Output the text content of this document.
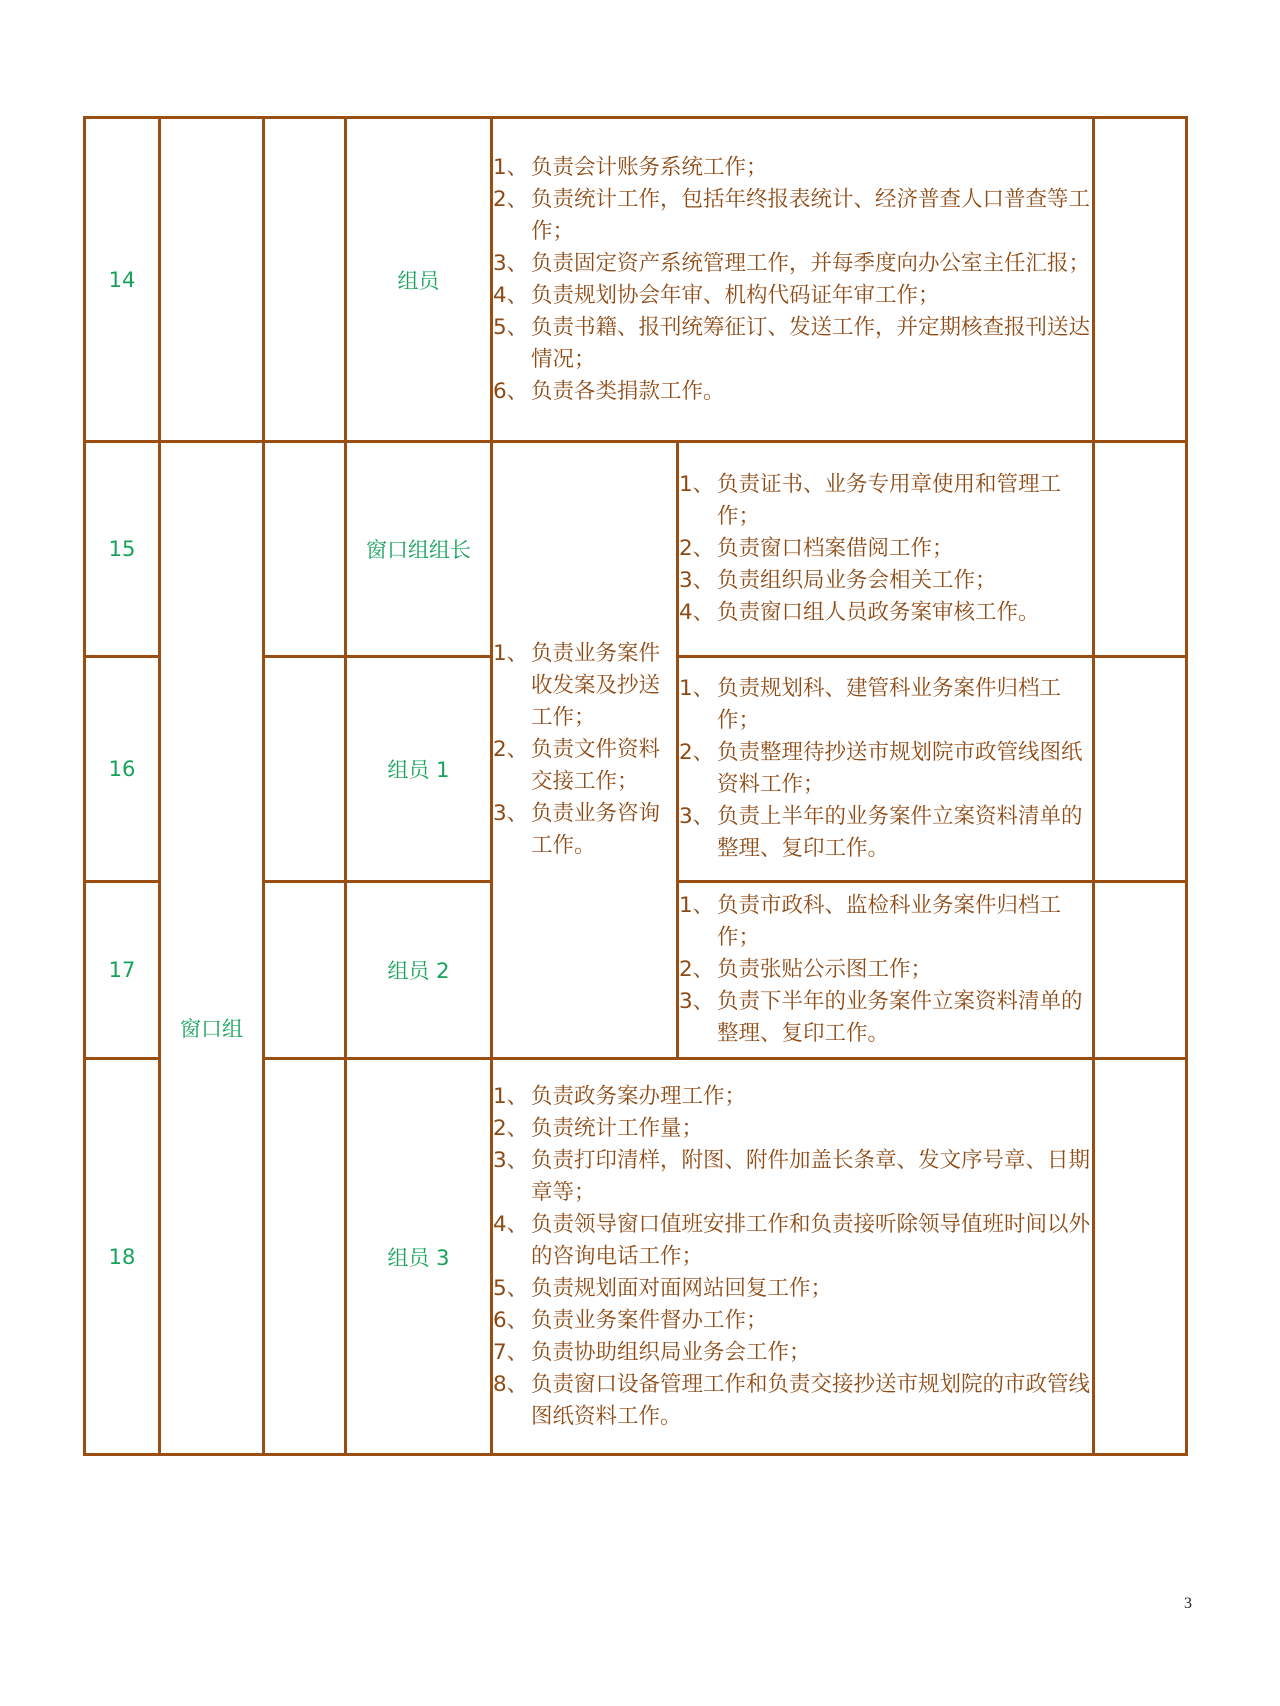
14			组员	
1、 负责会计账务系统工作；
2、 负责统计工作，包括年终报表统计、经济普查人口普查等工作；
3、 负责固定资产系统管理工作，并每季度向办公室主任汇报；
4、 负责规划协会年审、机构代码证年审工作；
5、 负责书籍、报刊统筹征订、发送工作，并定期核查报刊送达情况；
6、 负责各类捐款工作。

15	窗口组		窗口组组长	
1、 负责业务案件收发案及抄送工作；
2、 负责文件资料交接工作；
3、 负责业务咨询工作。

1、 负责证书、业务专用章使用和管理工作；
2、 负责窗口档案借阅工作；
3、 负责组织局业务会相关工作；
4、 负责窗口组人员政务案审核工作。

16		组员 1	
1、 负责规划科、建管科业务案件归档工作；
2、 负责整理待抄送市规划院市政管线图纸资料工作；
3、 负责上半年的业务案件立案资料清单的整理、复印工作。

17		组员 2	
1、 负责市政科、监检科业务案件归档工作；
2、 负责张贴公示图工作；
3、 负责下半年的业务案件立案资料清单的整理、复印工作。

18		组员 3	
1、 负责政务案办理工作；
2、 负责统计工作量；
3、 负责打印清样，附图、附件加盖长条章、发文序号章、日期章等；
4、 负责领导窗口值班安排工作和负责接听除领导值班时间以外的咨询电话工作；
5、 负责规划面对面网站回复工作；
6、 负责业务案件督办工作；
7、 负责协助组织局业务会工作；
8、 负责窗口设备管理工作和负责交接抄送市规划院的市政管线图纸资料工作。

3
